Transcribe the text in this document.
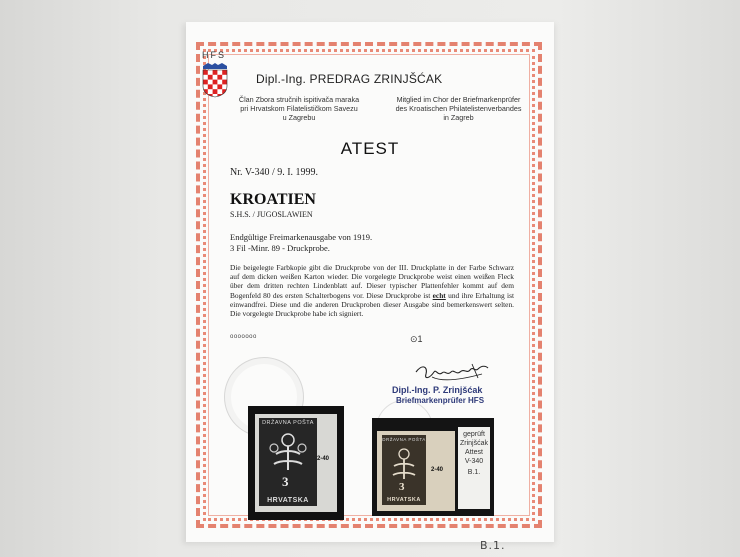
HFS
Dipl.-Ing. PREDRAG ZRINJŠĆAK
Član Zbora stručnih ispitivača maraka
pri Hrvatskom Filatelističkom Savezu
u Zagrebu
Mitglied im Chor der Briefmarkenprüfer
des Kroatischen Philatelistenverbandes
in Zagreb
ATEST
Nr. V-340 / 9. I. 1999.
KROATIEN
S.H.S. / JUGOSLAWIEN
Endgültige Freimarkenausgabe von 1919.
3 Fil -Minr. 89 - Druckprobe.
Die beigelegte Farbkopie gibt die Druckprobe von der III. Druckplatte in der Farbe Schwarz auf dem dicken weißen Karton wieder. Die vorgelegte Druckprobe weist einen weißen Fleck über dem dritten rechten Lindenblatt auf. Dieser typischer Plattenfehler kommt auf dem Bogenfeld 80 des ersten Schalterbogens vor. Diese Druckprobe ist echt und ihre Erhaltung ist einwandfrei. Diese und die anderen Druckproben dieser Ausgabe sind bemerkenswert selten. Die vorgelegte Druckprobe habe ich signiert.
ooooooo	⊙1
Dipl.-Ing. P. Zrinjšćak
Briefmarkenprüfer HFS
DRŽAVNA POŠTA
3
HRVATSKA
2-40
DRŽAVNA POŠTA
3
HRVATSKA
2-40
geprüft
Zrinjšćak
Attest
V-340
B.1.
B.1.
